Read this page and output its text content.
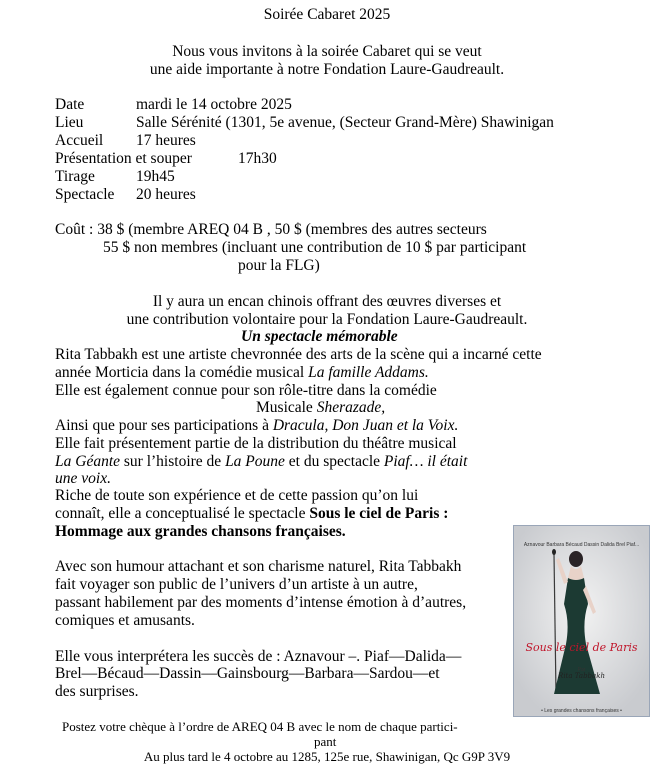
Soirée Cabaret 2025
Nous vous invitons à la soirée Cabaret qui se veut
une aide importante à notre Fondation Laure-Gaudreault.
Date	mardi le 14 octobre 2025
Lieu	Salle Sérénité (1301, 5e avenue, (Secteur Grand-Mère) Shawinigan
Accueil 17 heures
Présentation et souper	17h30
Tirage	19h45
Spectacle 20 heures
Coût : 38 $ (membre AREQ 04 B , 50 $ (membres des autres secteurs
55 $ non membres (incluant une contribution de 10 $ par participant
pour la FLG)
Il y aura un encan chinois offrant des œuvres diverses et
une contribution volontaire pour la Fondation Laure-Gaudreault.
Un spectacle mémorable
Rita Tabbakh est une artiste chevronnée des arts de la scène qui a incarné cette
année Morticia dans la comédie musical La famille Addams.
Elle est également connue pour son rôle-titre dans la comédie
Musicale Sherazade,
Ainsi que pour ses participations à Dracula, Don Juan et la Voix.
Elle fait présentement partie de la distribution du théâtre musical
La Géante sur l’histoire de La Poune et du spectacle Piaf… il était
une voix.
Riche de toute son expérience et de cette passion qu’on lui
connaît, elle a conceptualisé le spectacle Sous le ciel de Paris :
Hommage aux grandes chansons françaises.
Avec son humour attachant et son charisme naturel, Rita Tabbakh
fait voyager son public de l’univers d’un artiste à un autre,
passant habilement par des moments d’intense émotion à d’autres,
comiques et amusants.
Elle vous interprétera les succès de : Aznavour –. Piaf—Dalida—
Brel—Bécaud—Dassin—Gainsbourg—Barbara—Sardou—et
des surprises.
Aznavour Barbara Bécaud Dassin Dalida Brel Piaf...
Sous le ciel de Paris
Par
Rita Tabbakh
• Les grandes chansons françaises •
Postez votre chèque à l’ordre de AREQ 04 B avec le nom de chaque partici-
pant
Au plus tard le 4 octobre au 1285, 125e rue, Shawinigan, Qc G9P 3V9
